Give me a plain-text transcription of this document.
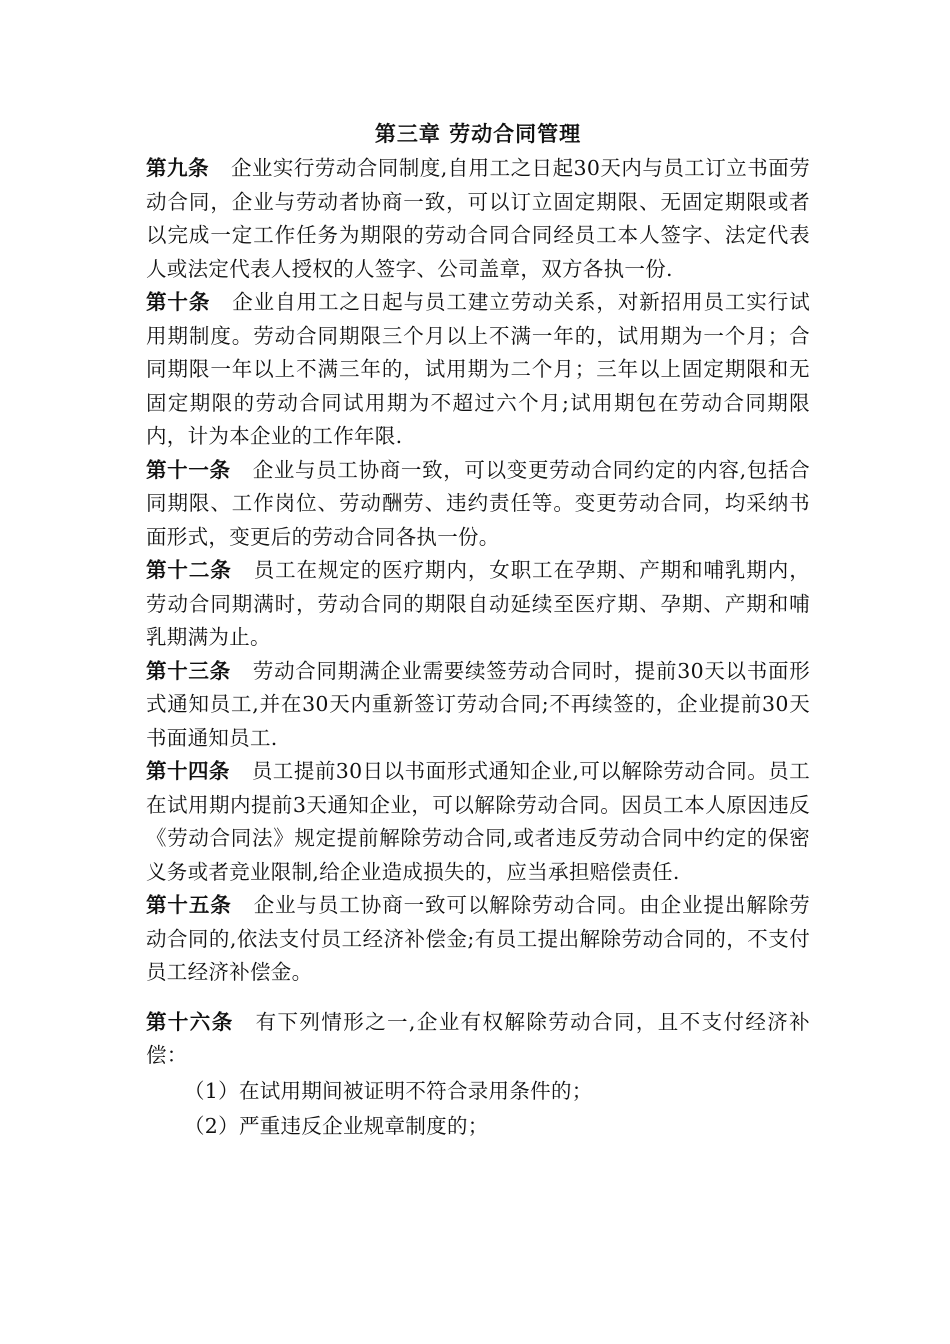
第三章 劳动合同管理

第九条 企业实行劳动合同制度,自用工之日起30天内与员工订立书面劳动合同，企业与劳动者协商一致，可以订立固定期限、无固定期限或者以完成一定工作任务为期限的劳动合同合同经员工本人签字、法定代表人或法定代表人授权的人签字、公司盖章，双方各执一份.

第十条 企业自用工之日起与员工建立劳动关系，对新招用员工实行试用期制度。劳动合同期限三个月以上不满一年的，试用期为一个月；合同期限一年以上不满三年的，试用期为二个月；三年以上固定期限和无固定期限的劳动合同试用期为不超过六个月;试用期包在劳动合同期限内，计为本企业的工作年限.

第十一条 企业与员工协商一致，可以变更劳动合同约定的内容,包括合同期限、工作岗位、劳动酬劳、违约责任等。变更劳动合同，均采纳书面形式，变更后的劳动合同各执一份。

第十二条 员工在规定的医疗期内，女职工在孕期、产期和哺乳期内，劳动合同期满时，劳动合同的期限自动延续至医疗期、孕期、产期和哺乳期满为止。

第十三条 劳动合同期满企业需要续签劳动合同时，提前30天以书面形式通知员工,并在30天内重新签订劳动合同;不再续签的，企业提前30天书面通知员工.

第十四条 员工提前30日以书面形式通知企业,可以解除劳动合同。员工在试用期内提前3天通知企业，可以解除劳动合同。因员工本人原因违反《劳动合同法》规定提前解除劳动合同,或者违反劳动合同中约定的保密义务或者竞业限制,给企业造成损失的，应当承担赔偿责任.

第十五条 企业与员工协商一致可以解除劳动合同。由企业提出解除劳动合同的,依法支付员工经济补偿金;有员工提出解除劳动合同的，不支付员工经济补偿金。

第十六条 有下列情形之一,企业有权解除劳动合同，且不支付经济补偿：

（1）在试用期间被证明不符合录用条件的；
（2）严重违反企业规章制度的；
